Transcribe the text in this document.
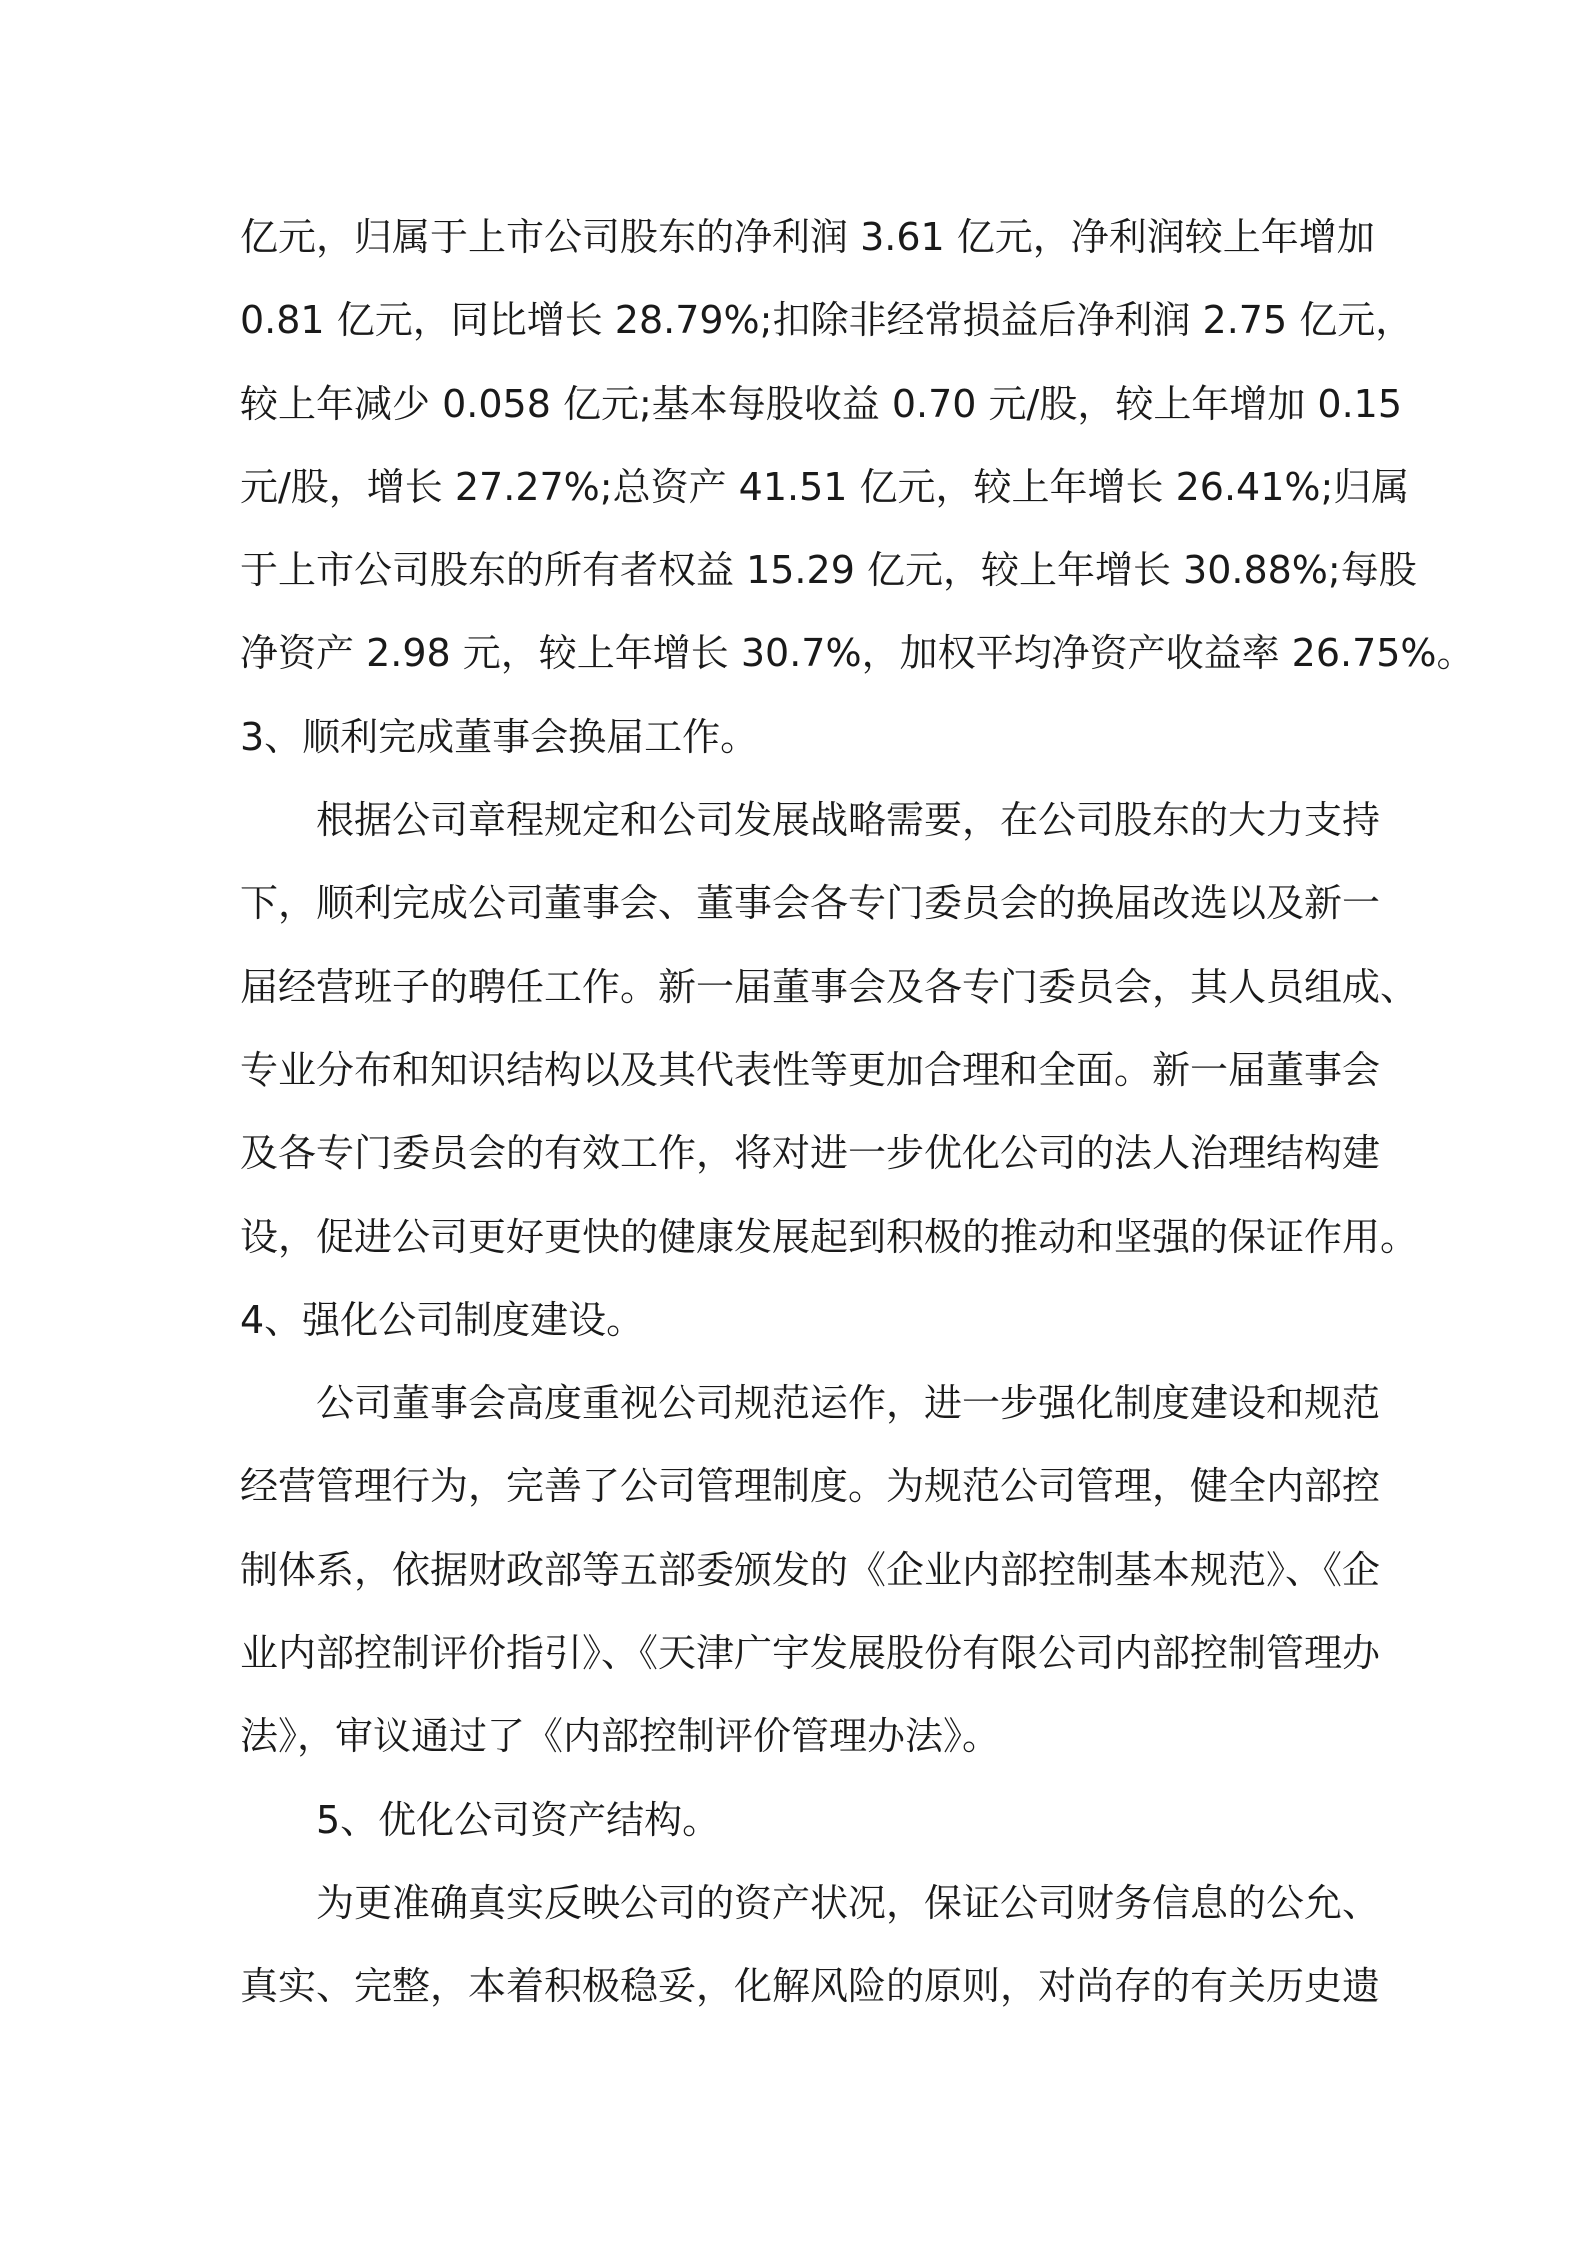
亿元，归属于上市公司股东的净利润 3.61 亿元，净利润较上年增加
0.81 亿元，同比增长 28.79%;扣除非经常损益后净利润 2.75 亿元，
较上年减少 0.058 亿元;基本每股收益 0.70 元/股，较上年增加 0.15
元/股，增长 27.27%;总资产 41.51 亿元，较上年增长 26.41%;归属
于上市公司股东的所有者权益 15.29 亿元，较上年增长 30.88%;每股
净资产 2.98 元，较上年增长 30.7%，加权平均净资产收益率 26.75%。
3、顺利完成董事会换届工作。
根据公司章程规定和公司发展战略需要，在公司股东的大力支持
下，顺利完成公司董事会、董事会各专门委员会的换届改选以及新一
届经营班子的聘任工作。新一届董事会及各专门委员会，其人员组成、
专业分布和知识结构以及其代表性等更加合理和全面。新一届董事会
及各专门委员会的有效工作，将对进一步优化公司的法人治理结构建
设，促进公司更好更快的健康发展起到积极的推动和坚强的保证作用。
4、强化公司制度建设。
公司董事会高度重视公司规范运作，进一步强化制度建设和规范
经营管理行为，完善了公司管理制度。为规范公司管理，健全内部控
制体系，依据财政部等五部委颁发的《企业内部控制基本规范》、《企
业内部控制评价指引》、《天津广宇发展股份有限公司内部控制管理办
法》，审议通过了《内部控制评价管理办法》。
5、优化公司资产结构。
为更准确真实反映公司的资产状况，保证公司财务信息的公允、
真实、完整，本着积极稳妥，化解风险的原则，对尚存的有关历史遗
